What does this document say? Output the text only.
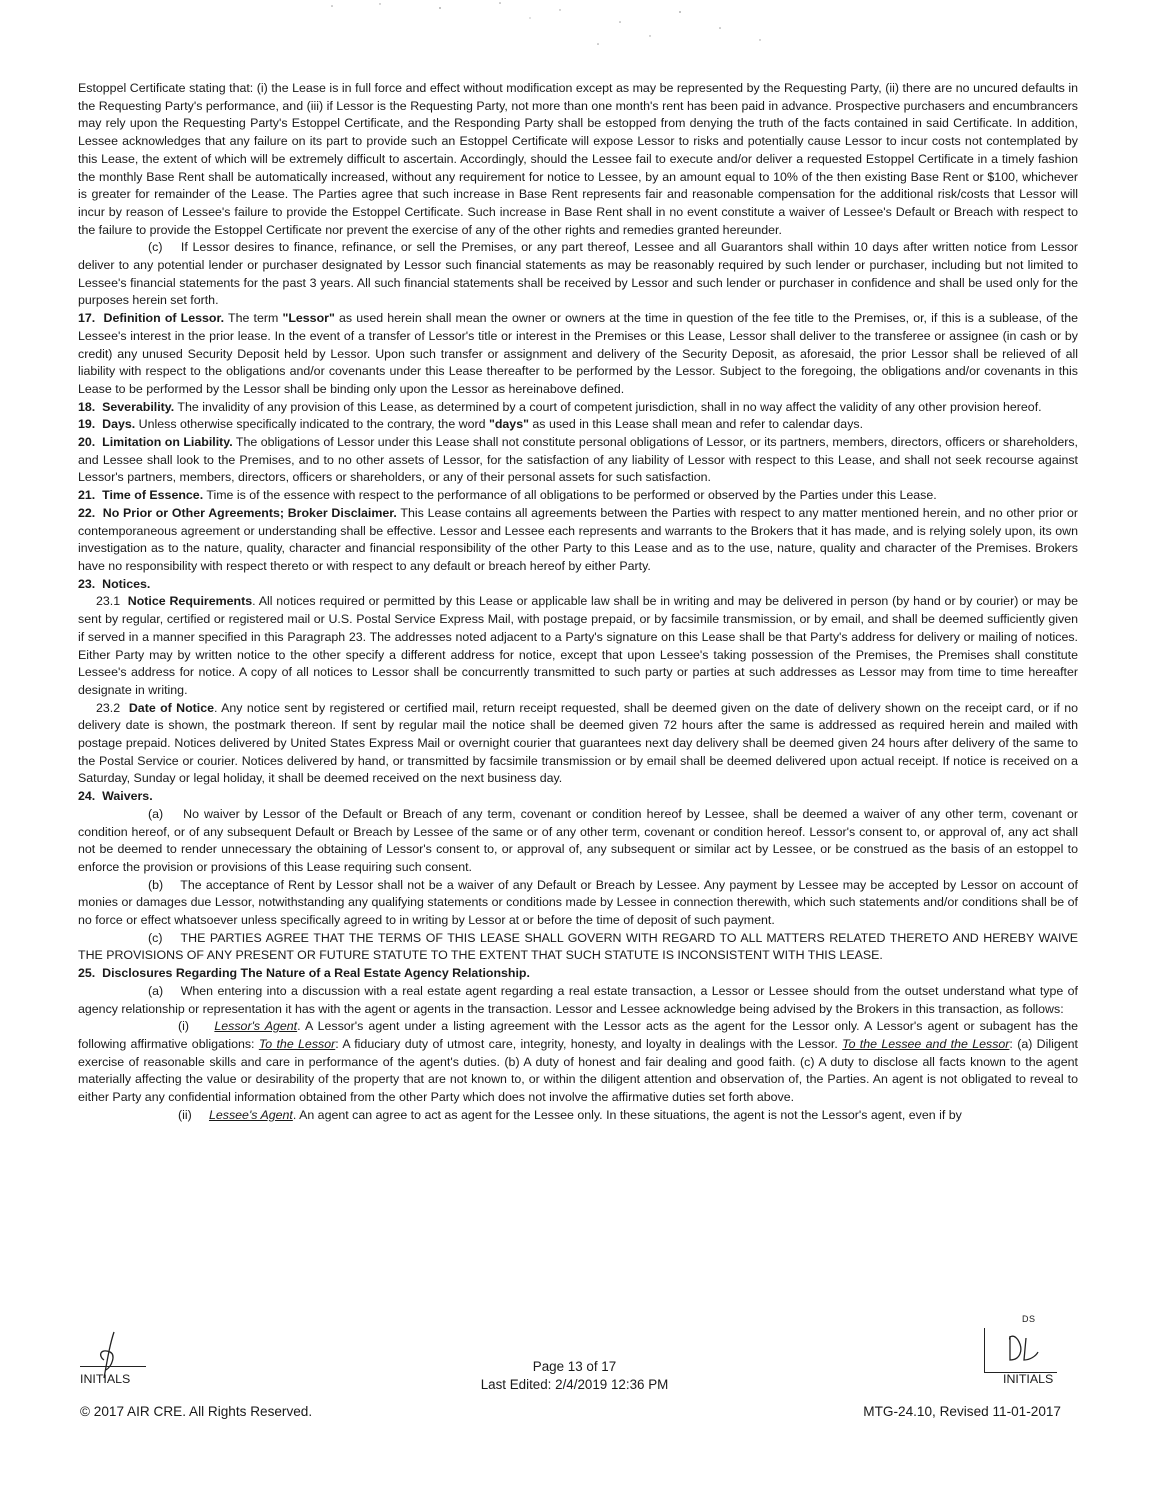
Estoppel Certificate stating that: (i) the Lease is in full force and effect without modification except as may be represented by the Requesting Party, (ii) there are no uncured defaults in the Requesting Party's performance, and (iii) if Lessor is the Requesting Party, not more than one month's rent has been paid in advance. Prospective purchasers and encumbrancers may rely upon the Requesting Party's Estoppel Certificate, and the Responding Party shall be estopped from denying the truth of the facts contained in said Certificate. In addition, Lessee acknowledges that any failure on its part to provide such an Estoppel Certificate will expose Lessor to risks and potentially cause Lessor to incur costs not contemplated by this Lease, the extent of which will be extremely difficult to ascertain. Accordingly, should the Lessee fail to execute and/or deliver a requested Estoppel Certificate in a timely fashion the monthly Base Rent shall be automatically increased, without any requirement for notice to Lessee, by an amount equal to 10% of the then existing Base Rent or $100, whichever is greater for remainder of the Lease. The Parties agree that such increase in Base Rent represents fair and reasonable compensation for the additional risk/costs that Lessor will incur by reason of Lessee's failure to provide the Estoppel Certificate. Such increase in Base Rent shall in no event constitute a waiver of Lessee's Default or Breach with respect to the failure to provide the Estoppel Certificate nor prevent the exercise of any of the other rights and remedies granted hereunder.

(c)    If Lessor desires to finance, refinance, or sell the Premises, or any part thereof, Lessee and all Guarantors shall within 10 days after written notice from Lessor deliver to any potential lender or purchaser designated by Lessor such financial statements as may be reasonably required by such lender or purchaser, including but not limited to Lessee's financial statements for the past 3 years. All such financial statements shall be received by Lessor and such lender or purchaser in confidence and shall be used only for the purposes herein set forth.

17. Definition of Lessor. The term "Lessor" as used herein shall mean the owner or owners at the time in question of the fee title to the Premises, or, if this is a sublease, of the Lessee's interest in the prior lease. In the event of a transfer of Lessor's title or interest in the Premises or this Lease, Lessor shall deliver to the transferee or assignee (in cash or by credit) any unused Security Deposit held by Lessor. Upon such transfer or assignment and delivery of the Security Deposit, as aforesaid, the prior Lessor shall be relieved of all liability with respect to the obligations and/or covenants under this Lease thereafter to be performed by the Lessor. Subject to the foregoing, the obligations and/or covenants in this Lease to be performed by the Lessor shall be binding only upon the Lessor as hereinabove defined.

18. Severability. The invalidity of any provision of this Lease, as determined by a court of competent jurisdiction, shall in no way affect the validity of any other provision hereof.

19. Days. Unless otherwise specifically indicated to the contrary, the word "days" as used in this Lease shall mean and refer to calendar days.

20. Limitation on Liability. The obligations of Lessor under this Lease shall not constitute personal obligations of Lessor, or its partners, members, directors, officers or shareholders, and Lessee shall look to the Premises, and to no other assets of Lessor, for the satisfaction of any liability of Lessor with respect to this Lease, and shall not seek recourse against Lessor's partners, members, directors, officers or shareholders, or any of their personal assets for such satisfaction.

21. Time of Essence. Time is of the essence with respect to the performance of all obligations to be performed or observed by the Parties under this Lease.

22. No Prior or Other Agreements; Broker Disclaimer. This Lease contains all agreements between the Parties with respect to any matter mentioned herein, and no other prior or contemporaneous agreement or understanding shall be effective. Lessor and Lessee each represents and warrants to the Brokers that it has made, and is relying solely upon, its own investigation as to the nature, quality, character and financial responsibility of the other Party to this Lease and as to the use, nature, quality and character of the Premises. Brokers have no responsibility with respect thereto or with respect to any default or breach hereof by either Party.

23. Notices.

23.1 Notice Requirements. All notices required or permitted by this Lease or applicable law shall be in writing and may be delivered in person (by hand or by courier) or may be sent by regular, certified or registered mail or U.S. Postal Service Express Mail, with postage prepaid, or by facsimile transmission, or by email, and shall be deemed sufficiently given if served in a manner specified in this Paragraph 23. The addresses noted adjacent to a Party's signature on this Lease shall be that Party's address for delivery or mailing of notices. Either Party may by written notice to the other specify a different address for notice, except that upon Lessee's taking possession of the Premises, the Premises shall constitute Lessee's address for notice. A copy of all notices to Lessor shall be concurrently transmitted to such party or parties at such addresses as Lessor may from time to time hereafter designate in writing.

23.2 Date of Notice. Any notice sent by registered or certified mail, return receipt requested, shall be deemed given on the date of delivery shown on the receipt card, or if no delivery date is shown, the postmark thereon. If sent by regular mail the notice shall be deemed given 72 hours after the same is addressed as required herein and mailed with postage prepaid. Notices delivered by United States Express Mail or overnight courier that guarantees next day delivery shall be deemed given 24 hours after delivery of the same to the Postal Service or courier. Notices delivered by hand, or transmitted by facsimile transmission or by email shall be deemed delivered upon actual receipt. If notice is received on a Saturday, Sunday or legal holiday, it shall be deemed received on the next business day.

24. Waivers.

(a)    No waiver by Lessor of the Default or Breach of any term, covenant or condition hereof by Lessee, shall be deemed a waiver of any other term, covenant or condition hereof, or of any subsequent Default or Breach by Lessee of the same or of any other term, covenant or condition hereof. Lessor's consent to, or approval of, any act shall not be deemed to render unnecessary the obtaining of Lessor's consent to, or approval of, any subsequent or similar act by Lessee, or be construed as the basis of an estoppel to enforce the provision or provisions of this Lease requiring such consent.

(b)    The acceptance of Rent by Lessor shall not be a waiver of any Default or Breach by Lessee. Any payment by Lessee may be accepted by Lessor on account of monies or damages due Lessor, notwithstanding any qualifying statements or conditions made by Lessee in connection therewith, which such statements and/or conditions shall be of no force or effect whatsoever unless specifically agreed to in writing by Lessor at or before the time of deposit of such payment.

(c)    THE PARTIES AGREE THAT THE TERMS OF THIS LEASE SHALL GOVERN WITH REGARD TO ALL MATTERS RELATED THERETO AND HEREBY WAIVE THE PROVISIONS OF ANY PRESENT OR FUTURE STATUTE TO THE EXTENT THAT SUCH STATUTE IS INCONSISTENT WITH THIS LEASE.

25. Disclosures Regarding The Nature of a Real Estate Agency Relationship.

(a)    When entering into a discussion with a real estate agent regarding a real estate transaction, a Lessor or Lessee should from the outset understand what type of agency relationship or representation it has with the agent or agents in the transaction. Lessor and Lessee acknowledge being advised by the Brokers in this transaction, as follows:

(i) Lessor's Agent. A Lessor's agent under a listing agreement with the Lessor acts as the agent for the Lessor only. A Lessor's agent or subagent has the following affirmative obligations: To the Lessor: A fiduciary duty of utmost care, integrity, honesty, and loyalty in dealings with the Lessor. To the Lessee and the Lessor: (a) Diligent exercise of reasonable skills and care in performance of the agent's duties. (b) A duty of honest and fair dealing and good faith. (c) A duty to disclose all facts known to the agent materially affecting the value or desirability of the property that are not known to, or within the diligent attention and observation of, the Parties. An agent is not obligated to reveal to either Party any confidential information obtained from the other Party which does not involve the affirmative duties set forth above.

(ii) Lessee's Agent. An agent can agree to act as agent for the Lessee only. In these situations, the agent is not the Lessor's agent, even if by

INITIALS
DS
INITIALS
Page 13 of 17
Last Edited: 2/4/2019 12:36 PM
© 2017 AIR CRE. All Rights Reserved.	MTG-24.10, Revised 11-01-2017
